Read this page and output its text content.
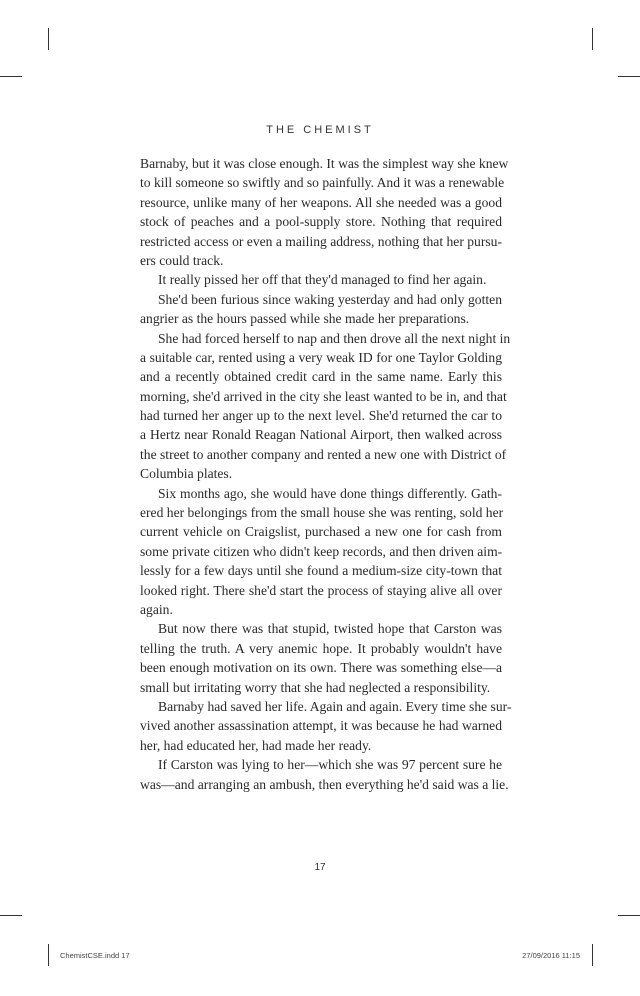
THE CHEMIST
Barnaby, but it was close enough. It was the simplest way she knew
to kill someone so swiftly and so painfully. And it was a renewable
resource, unlike many of her weapons. All she needed was a good
stock of peaches and a pool-supply store. Nothing that required
restricted access or even a mailing address, nothing that her pursu-
ers could track.
It really pissed her off that they'd managed to find her again.
She'd been furious since waking yesterday and had only gotten
angrier as the hours passed while she made her preparations.
She had forced herself to nap and then drove all the next night in
a suitable car, rented using a very weak ID for one Taylor Golding
and a recently obtained credit card in the same name. Early this
morning, she'd arrived in the city she least wanted to be in, and that
had turned her anger up to the next level. She'd returned the car to
a Hertz near Ronald Reagan National Airport, then walked across
the street to another company and rented a new one with District of
Columbia plates.
Six months ago, she would have done things differently. Gath-
ered her belongings from the small house she was renting, sold her
current vehicle on Craigslist, purchased a new one for cash from
some private citizen who didn't keep records, and then driven aim-
lessly for a few days until she found a medium-size city-town that
looked right. There she'd start the process of staying alive all over
again.
But now there was that stupid, twisted hope that Carston was
telling the truth. A very anemic hope. It probably wouldn't have
been enough motivation on its own. There was something else—a
small but irritating worry that she had neglected a responsibility.
Barnaby had saved her life. Again and again. Every time she sur-
vived another assassination attempt, it was because he had warned
her, had educated her, had made her ready.
If Carston was lying to her—which she was 97 percent sure he
was—and arranging an ambush, then everything he'd said was a lie.
17
ChemistCSE.indd 17	27/09/2016 11:15
